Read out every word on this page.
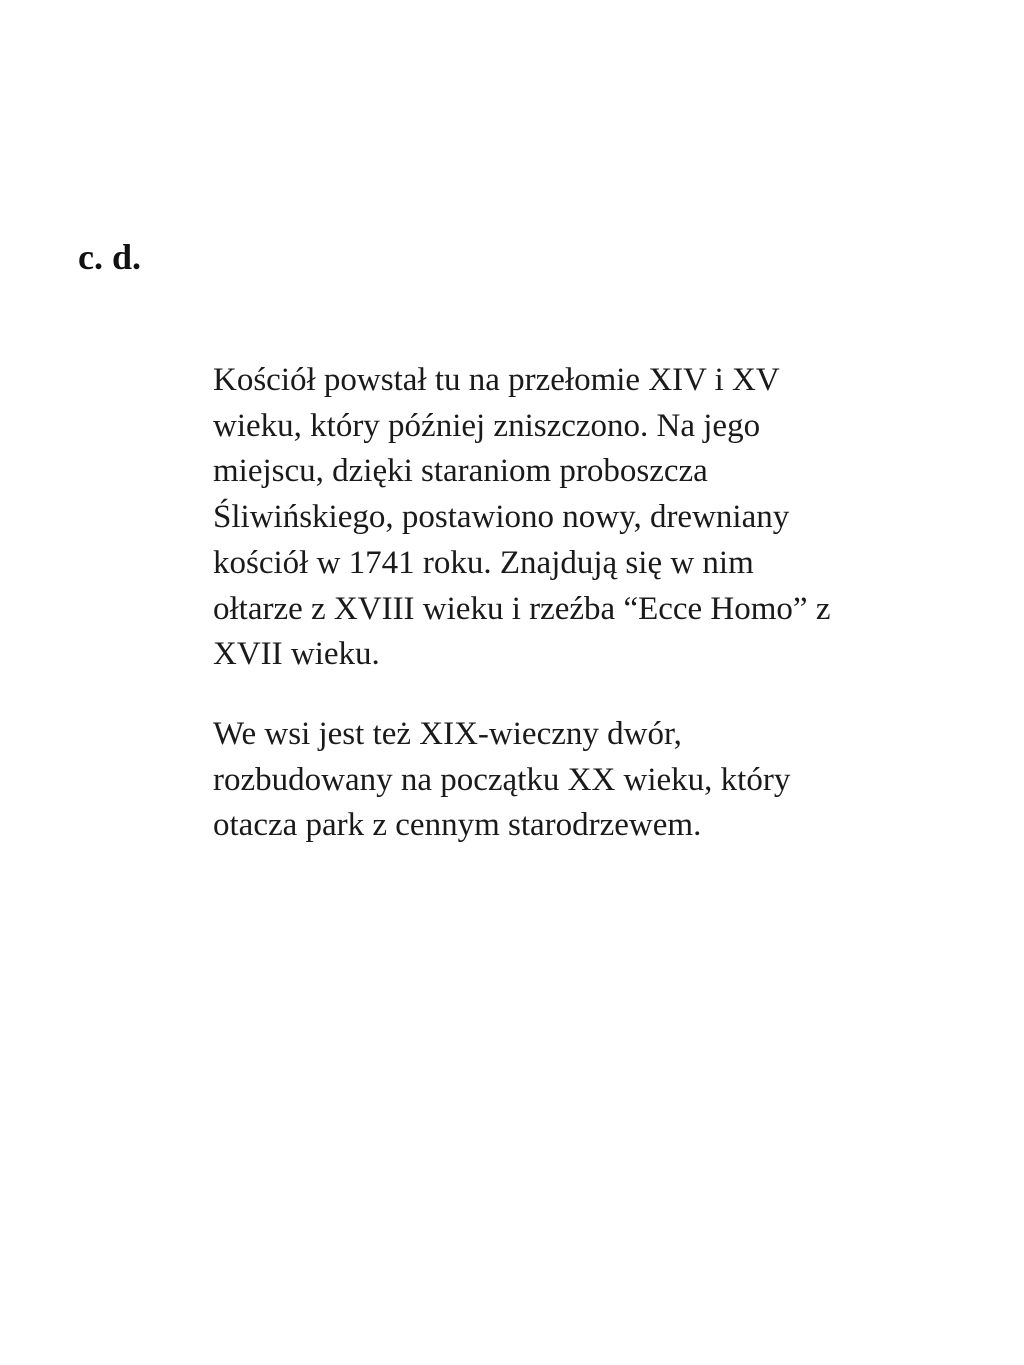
c. d.

Kościół powstał tu na przełomie XIV i XV
wieku, który później zniszczono. Na jego
miejscu, dzięki staraniom proboszcza
Śliwińskiego, postawiono nowy, drewniany
kościół w 1741 roku. Znajdują się w nim
ołtarze z XVIII wieku i rzeźba “Ecce Homo” z
XVII wieku.

We wsi jest też XIX-wieczny dwór,
rozbudowany na początku XX wieku, który
otacza park z cennym starodrzewem.
